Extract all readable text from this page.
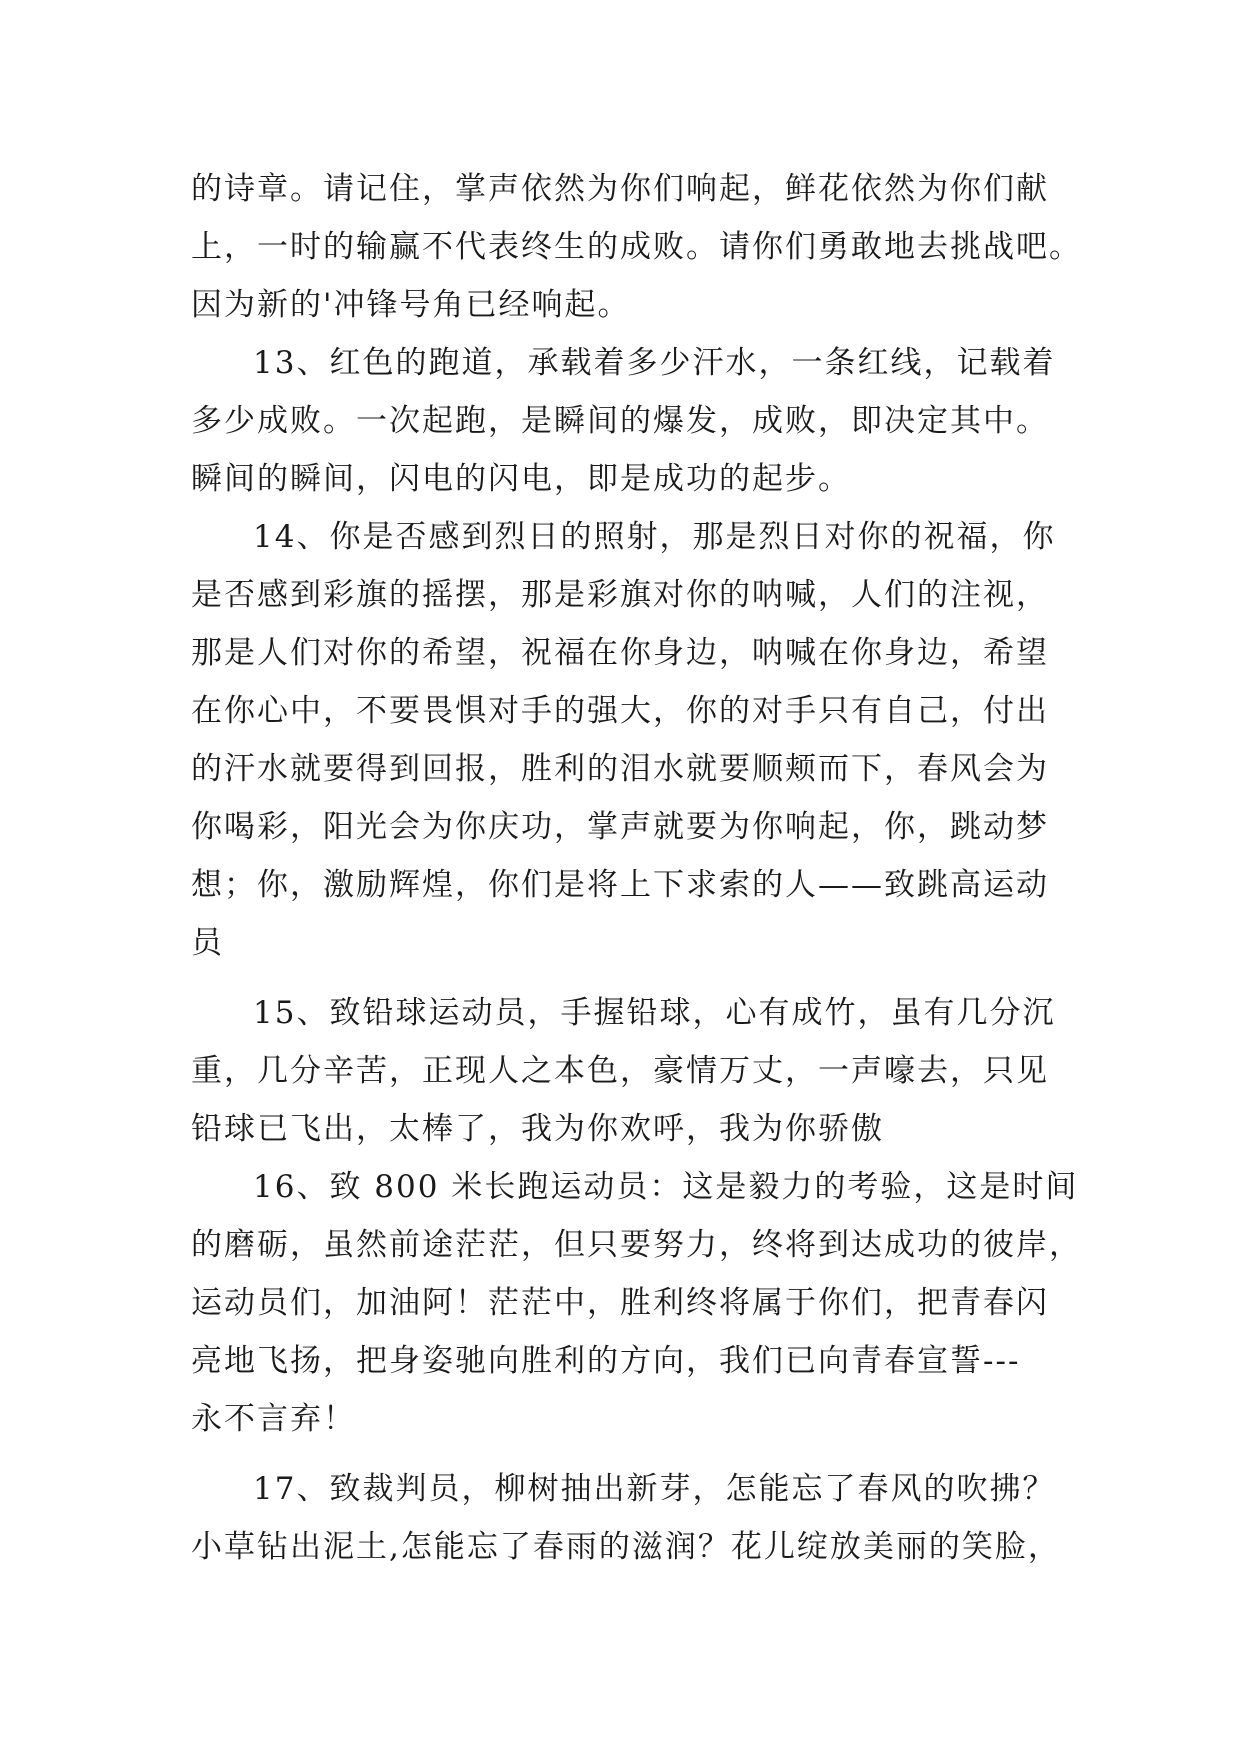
的诗章。请记住，掌声依然为你们响起，鲜花依然为你们献
上，一时的输赢不代表终生的成败。请你们勇敢地去挑战吧。
因为新的'冲锋号角已经响起。
13、红色的跑道，承载着多少汗水，一条红线，记载着
多少成败。一次起跑，是瞬间的爆发，成败，即决定其中。
瞬间的瞬间，闪电的闪电，即是成功的起步。
14、你是否感到烈日的照射，那是烈日对你的祝福，你
是否感到彩旗的摇摆，那是彩旗对你的呐喊，人们的注视，
那是人们对你的希望，祝福在你身边，呐喊在你身边，希望
在你心中，不要畏惧对手的强大，你的对手只有自己，付出
的汗水就要得到回报，胜利的泪水就要顺颊而下，春风会为
你喝彩，阳光会为你庆功，掌声就要为你响起，你，跳动梦
想；你，激励辉煌，你们是将上下求索的人——致跳高运动
员
15、致铅球运动员，手握铅球，心有成竹，虽有几分沉
重，几分辛苦，正现人之本色，豪情万丈，一声嚎去，只见
铅球已飞出，太棒了，我为你欢呼，我为你骄傲
16、致 800 米长跑运动员：这是毅力的考验，这是时间
的磨砺，虽然前途茫茫，但只要努力，终将到达成功的彼岸，
运动员们，加油阿！茫茫中，胜利终将属于你们，把青春闪
亮地飞扬，把身姿驰向胜利的方向，我们已向青春宣誓---
永不言弃！
17、致裁判员，柳树抽出新芽，怎能忘了春风的吹拂？
小草钻出泥土,怎能忘了春雨的滋润？花儿绽放美丽的笑脸，
